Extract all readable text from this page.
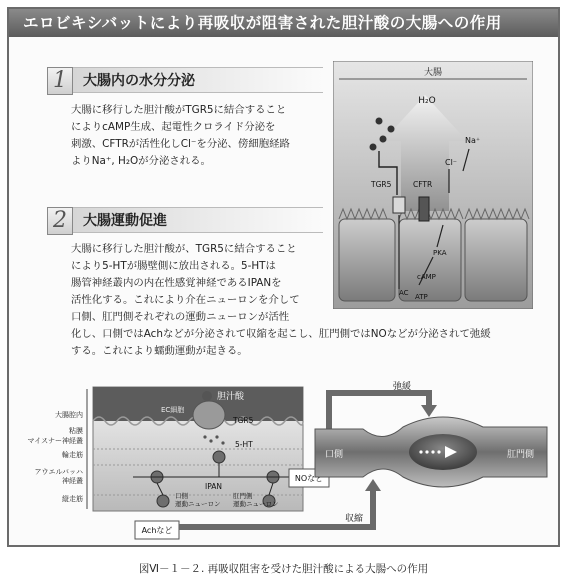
エロビキシバットにより再吸収が阻害された胆汁酸の大腸への作用
1	大腸内の水分分泌
大腸に移行した胆汁酸がTGR5に結合すること
によりcAMP生成、起電性クロライド分泌を
刺激、CFTRが活性化しCl⁻を分泌、傍細胞経路
よりNa⁺, H₂Oが分泌される。
2	大腸運動促進
大腸に移行した胆汁酸が、TGR5に結合すること
により5-HTが腸壁側に放出される。5-HTは
腸管神経叢内の内在性感覚神経であるIPANを
活性化する。これにより介在ニューロンを介して
口側、肛門側それぞれの運動ニューロンが活性
化し、口側ではAchなどが分泌されて収縮を起こし、肛門側ではNOなどが分泌されて弛緩
する。これにより蠕動運動が起きる。
大腸
H₂O
Na⁺
TGR5	CFTR
Cl⁻
AC ATP
cAMP
PKA
大腸腔内
粘膜
マイスナー神経叢
輪走筋
アウエルバッハ
神経叢
縦走筋
胆汁酸
EC細胞
TGR5
5-HT
IPAN
口側
運動ニューロン
肛門側
運動ニューロン
NOなど
Achなど
弛緩
収縮
口側	肛門側
図Ⅵ－１－２. 再吸収阻害を受けた胆汁酸による大腸への作用
